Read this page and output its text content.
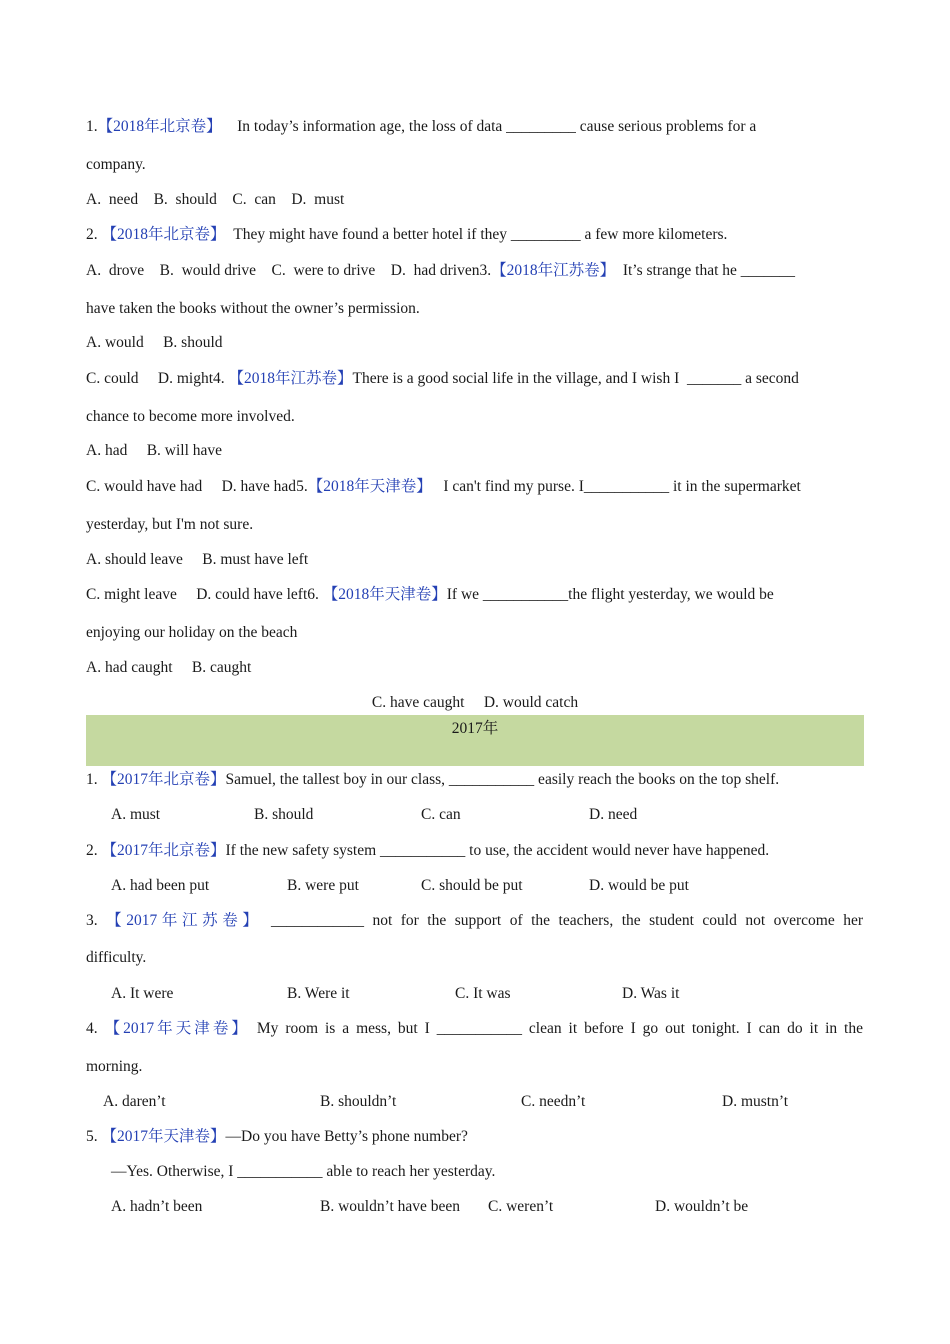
1.【2018年北京卷】 In today’s information age, the loss of data _________ cause serious problems for a
company.
A.  need    B.  should    C.  can    D.  must
2. 【2018年北京卷】 They might have found a better hotel if they _________ a few more kilometers.
A.  drove    B.  would drive    C.  were to drive    D.  had driven3.【2018年江苏卷】 It’s strange that he _______
have taken the books without the owner’s permission.
A. would     B. should
C. could     D. might4. 【2018年江苏卷】There is a good social life in the village, and I wish I  _______ a second
chance to become more involved.
A. had     B. will have
C. would have had     D. have had5.【2018年天津卷】 I can't find my purse. I___________ it in the supermarket
yesterday, but I'm not sure.
A. should leave     B. must have left
C. might leave     D. could have left6. 【2018年天津卷】If we ___________the flight yesterday, we would be
enjoying our holiday on the beach
A. had caught     B. caught
C. have caught     D. would catch
2017年
1. 【2017年北京卷】Samuel, the tallest boy in our class, ___________ easily reach the books on the top shelf.
A. must	B. should	C. can	D. need
2. 【2017年北京卷】If the new safety system ___________ to use, the accident would never have happened.
A. had been put	B. were put	C. should be put	D. would be put
3. 【2017年江苏卷】 ____________ not for the support of the teachers, the student could not overcome her
difficulty.
A. It were	B. Were it	C. It was	D. Was it
4. 【2017年天津卷】 My room is a mess, but I ___________ clean it before I go out tonight. I can do it in the
morning.
A. daren’t	B. shouldn’t	C. needn’t	D. mustn’t
5. 【2017年天津卷】—Do you have Betty’s phone number?
—Yes. Otherwise, I ___________ able to reach her yesterday.
A. hadn’t been	B. wouldn’t have been C. weren’t	D. wouldn’t be
